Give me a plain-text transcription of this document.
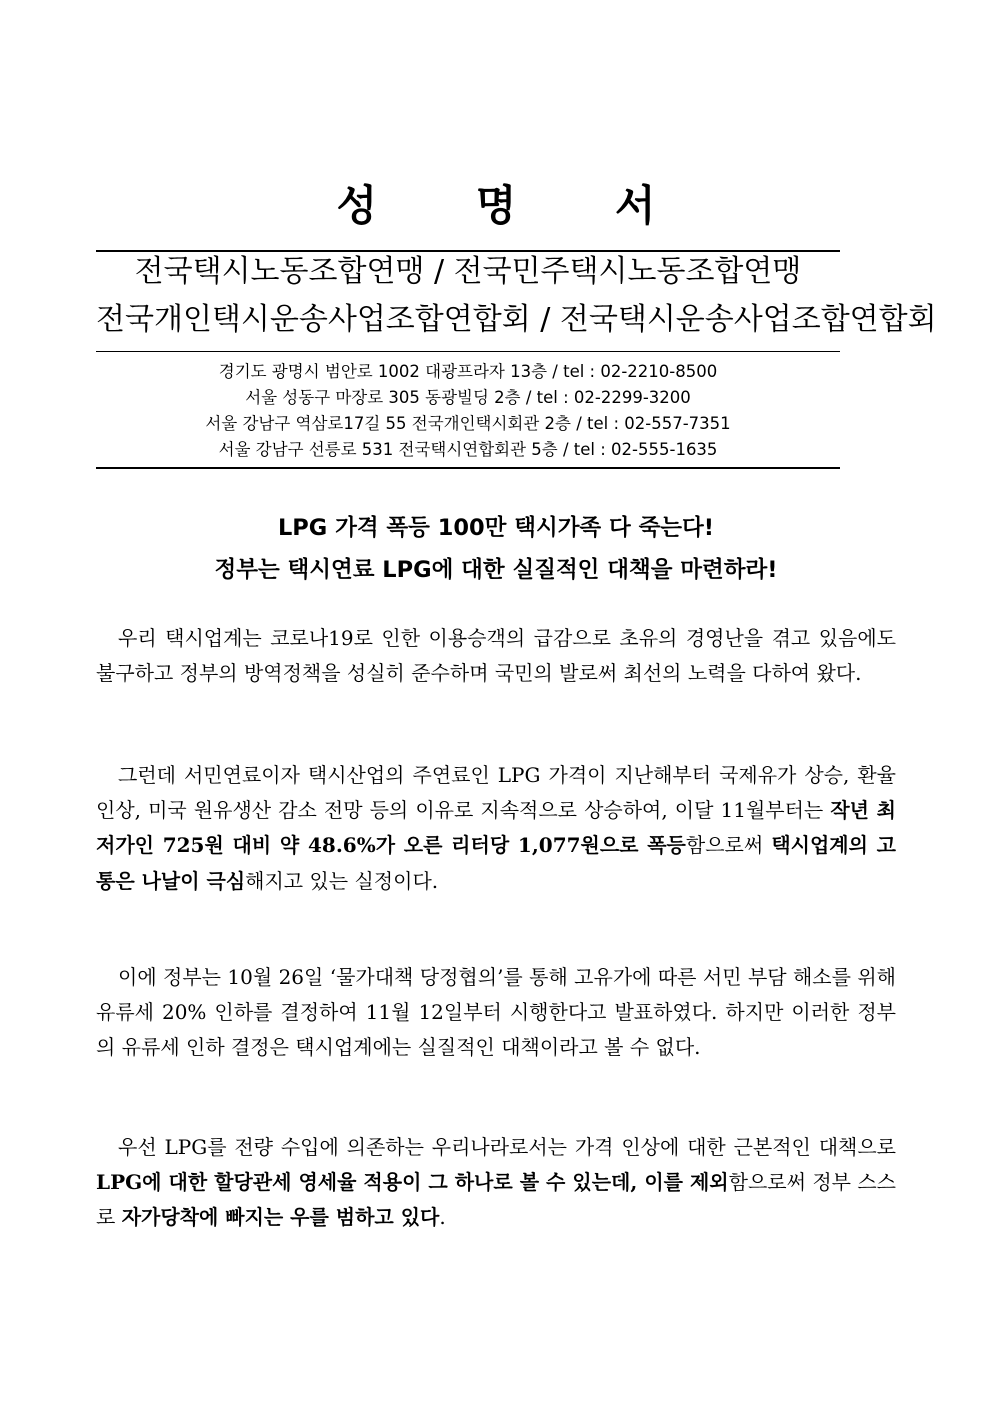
성 명 서
전국택시노동조합연맹 / 전국민주택시노동조합연맹
전국개인택시운송사업조합연합회 / 전국택시운송사업조합연합회
경기도 광명시 범안로 1002 대광프라자 13층 / tel : 02-2210-8500
서울 성동구 마장로 305 동광빌딩 2층 / tel : 02-2299-3200
서울 강남구 역삼로17길 55 전국개인택시회관 2층 / tel : 02-557-7351
서울 강남구 선릉로 531 전국택시연합회관 5층 / tel : 02-555-1635
LPG 가격 폭등 100만 택시가족 다 죽는다!
정부는 택시연료 LPG에 대한 실질적인 대책을 마련하라!

우리 택시업계는 코로나19로 인한 이용승객의 급감으로 초유의 경영난을 겪고 있음에도 불구하고 정부의 방역정책을 성실히 준수하며 국민의 발로써 최선의 노력을 다하여 왔다.

그런데 서민연료이자 택시산업의 주연료인 LPG 가격이 지난해부터 국제유가 상승, 환율 인상, 미국 원유생산 감소 전망 등의 이유로 지속적으로 상승하여, 이달 11월부터는 작년 최저가인 725원 대비 약 48.6%가 오른 리터당 1,077원으로 폭등함으로써 택시업계의 고통은 나날이 극심해지고 있는 실정이다.

이에 정부는 10월 26일 ‘물가대책 당정협의’를 통해 고유가에 따른 서민 부담 해소를 위해 유류세 20% 인하를 결정하여 11월 12일부터 시행한다고 발표하였다. 하지만 이러한 정부의 유류세 인하 결정은 택시업계에는 실질적인 대책이라고 볼 수 없다.

우선 LPG를 전량 수입에 의존하는 우리나라로서는 가격 인상에 대한 근본적인 대책으로 LPG에 대한 할당관세 영세율 적용이 그 하나로 볼 수 있는데, 이를 제외함으로써 정부 스스로 자가당착에 빠지는 우를 범하고 있다.
